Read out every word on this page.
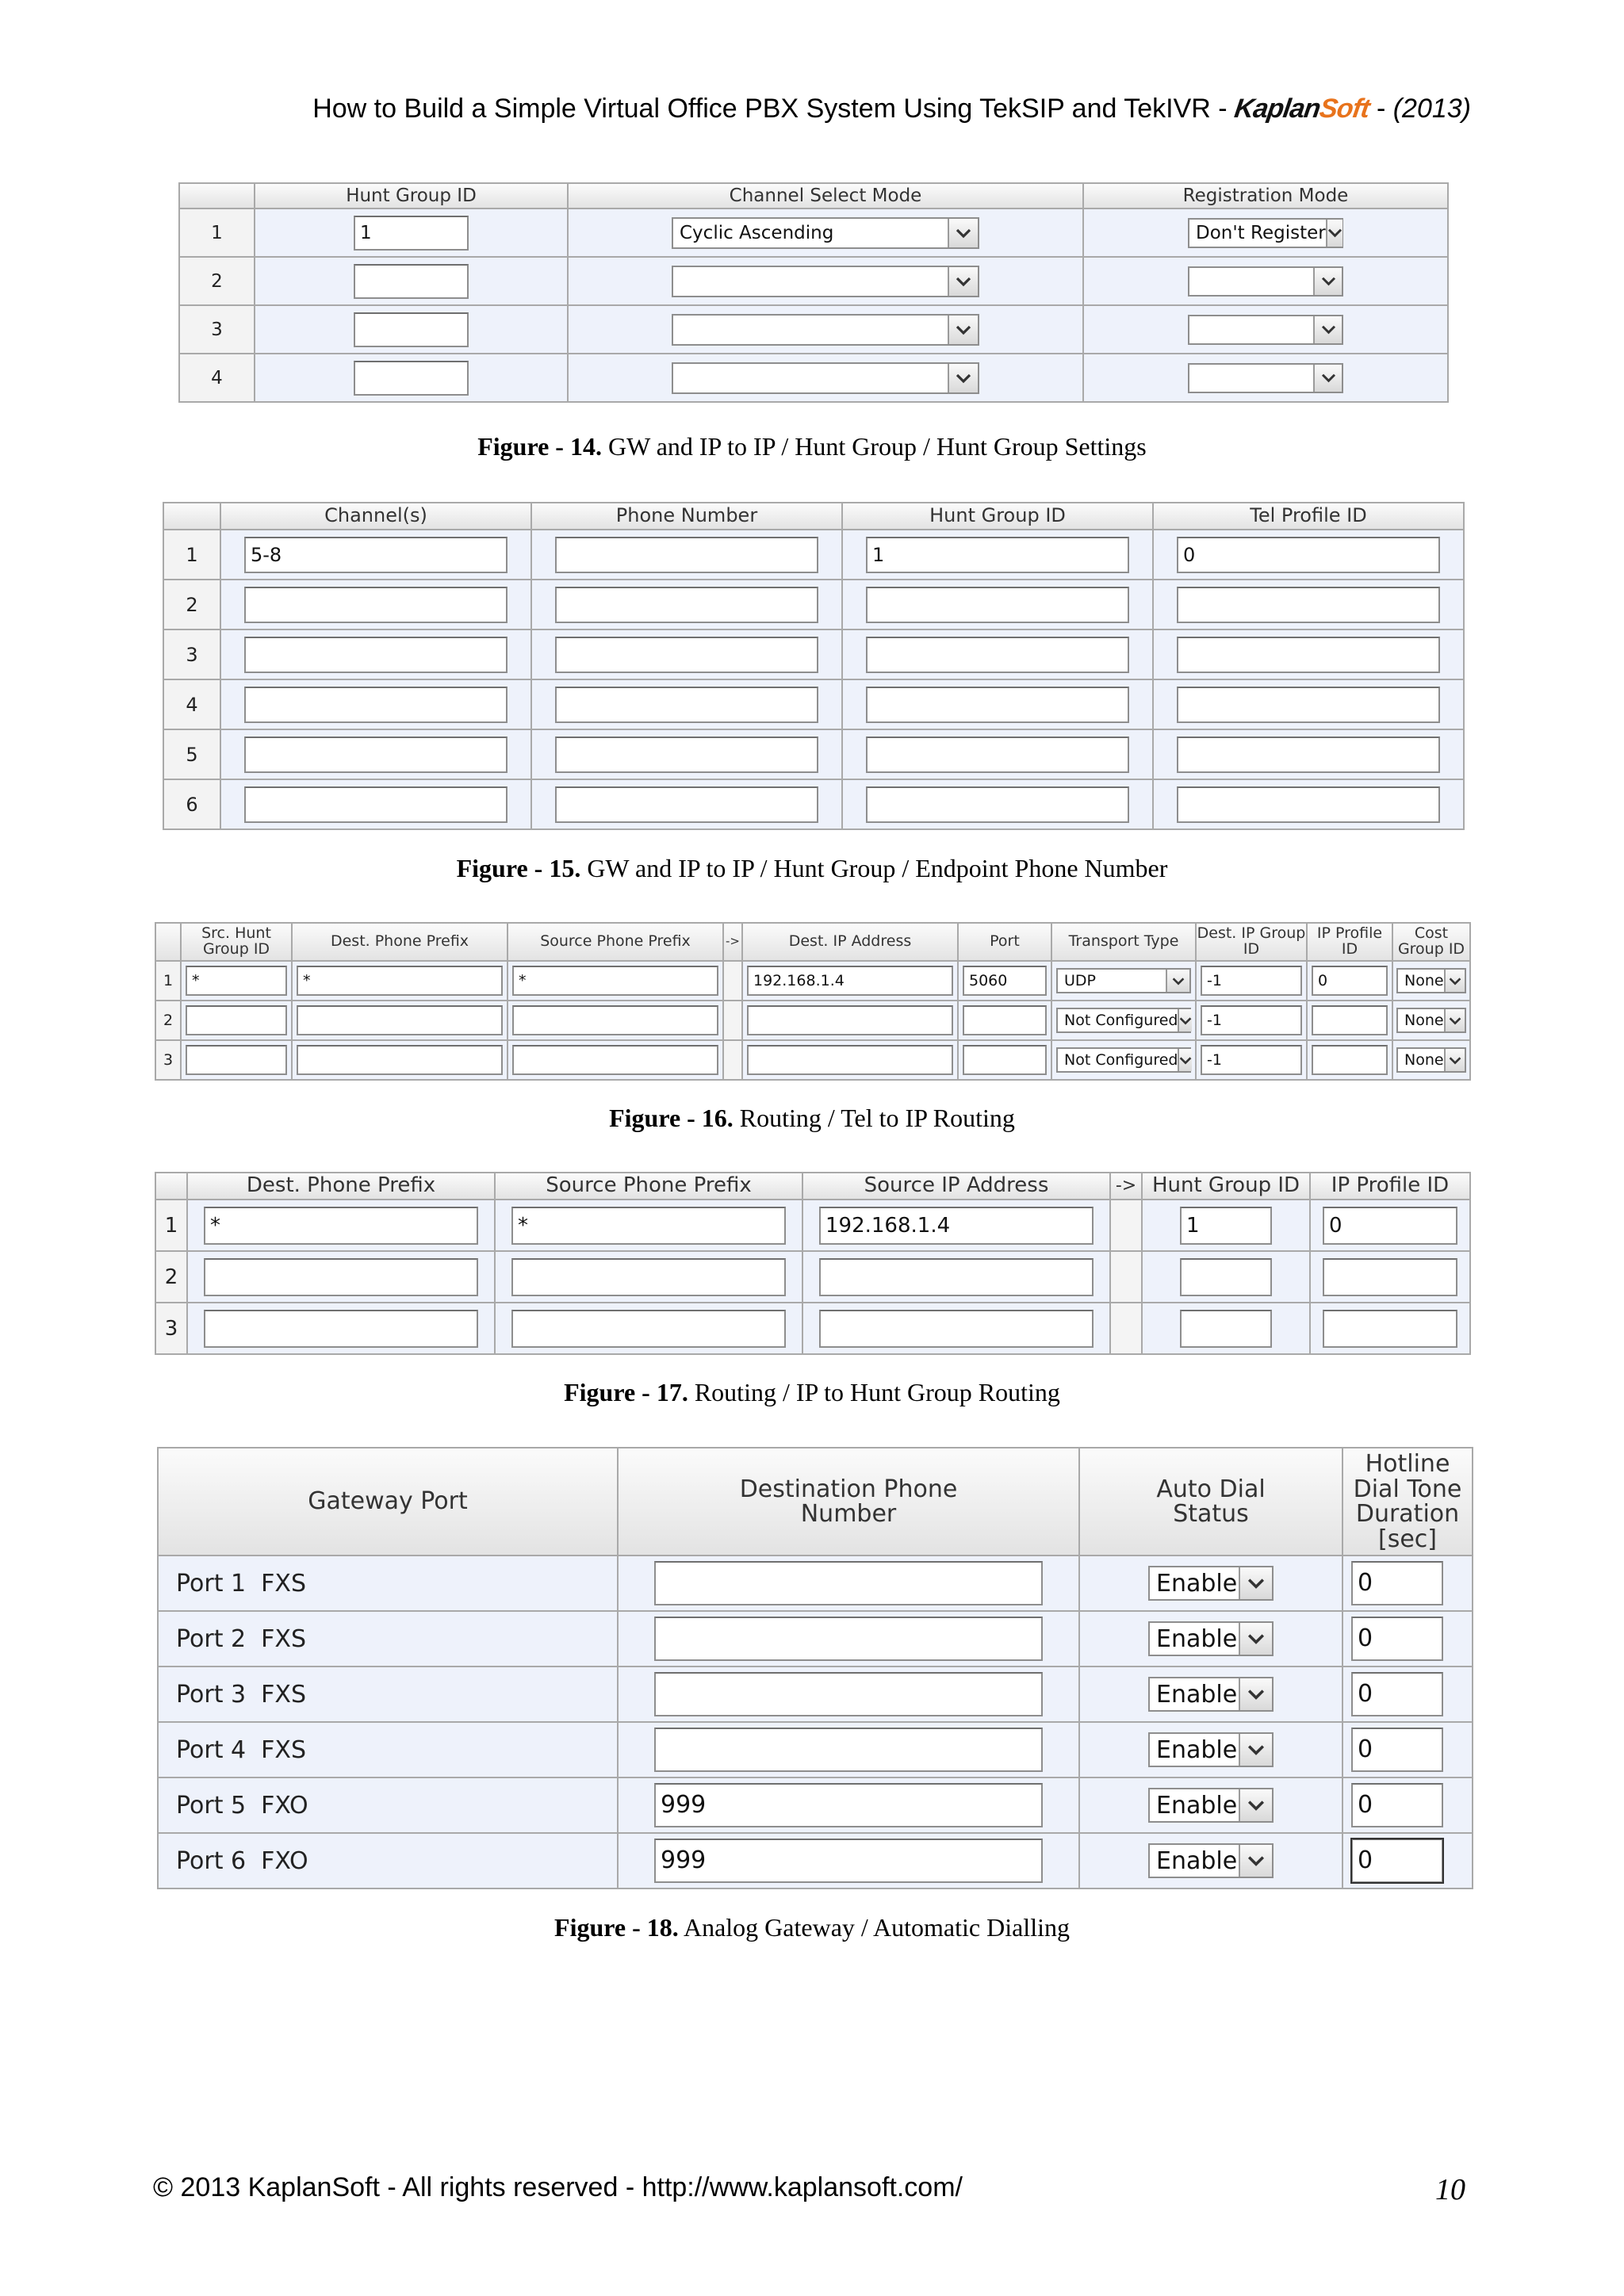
How to Build a Simple Virtual Office PBX System Using TekSIP and TekIVR - KaplanSoft - (2013)
	Hunt Group ID	Channel Select Mode	Registration Mode
1	1	Cyclic Ascending	Don't Register

2		

3		

4		

Figure - 14. GW and IP to IP / Hunt Group / Hunt Group Settings
	Channel(s)	Phone Number	Hunt Group ID	Tel Profile ID
1	5-8		1	0
2				
3				
4				
5				
6				
Figure - 15. GW and IP to IP / Hunt Group / Endpoint Phone Number
	Src. Hunt Group ID	Dest. Phone Prefix	Source Phone Prefix	->	Dest. IP Address	Port	Transport Type	Dest. IP Group ID	IP Profile ID	Cost Group ID
1	*	*	*		192.168.1.4	5060	UDP	-1	0	None

2							Not Configured	-1		None

3							Not Configured	-1		None
Figure - 16. Routing / Tel to IP Routing
	Dest. Phone Prefix	Source Phone Prefix	Source IP Address	->	Hunt Group ID	IP Profile ID
1	*	*	192.168.1.4		1	0
2						
3						
Figure - 17. Routing / IP to Hunt Group Routing
Gateway Port	Destination Phone Number	Auto Dial Status	Hotline Dial Tone Duration [sec]
Port 1  FXS		Enable	0
Port 2  FXS		Enable	0
Port 3  FXS		Enable	0
Port 4  FXS		Enable	0
Port 5  FXO	999	Enable	0
Port 6  FXO	999	Enable	0
Figure - 18. Analog Gateway / Automatic Dialling
© 2013 KaplanSoft - All rights reserved - http://www.kaplansoft.com/	10
